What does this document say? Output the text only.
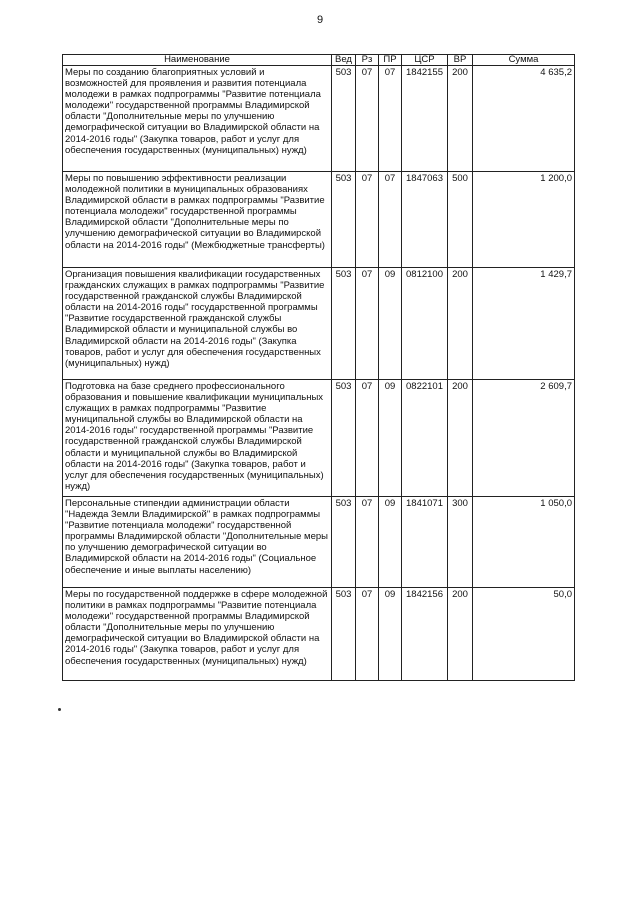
9
Наименование	Вед	Рз	ПР	ЦСР	ВР	Сумма
Меры по созданию благоприятных условий и возможностей для проявления и развития потенциала молодежи в рамках подпрограммы "Развитие потенциала молодежи" государственной программы Владимирской области "Дополнительные меры по улучшению демографической ситуации во Владимирской области на 2014-2016 годы" (Закупка товаров, работ и услуг для обеспечения государственных (муниципальных) нужд)	503	07	07	1842155	200	4 635,2
Меры по повышению эффективности реализации молодежной политики в муниципальных образованиях Владимирской области в рамках подпрограммы "Развитие потенциала молодежи" государственной программы Владимирской области "Дополнительные меры по улучшению демографической ситуации во Владимирской области на 2014-2016 годы" (Межбюджетные трансферты)	503	07	07	1847063	500	1 200,0
Организация повышения квалификации государственных гражданских служащих в рамках подпрограммы "Развитие государственной гражданской службы Владимирской области на 2014-2016 годы" государственной программы "Развитие государственной гражданской службы Владимирской области и муниципальной службы во Владимирской области на 2014-2016 годы" (Закупка товаров, работ и услуг для обеспечения государственных (муниципальных) нужд)	503	07	09	0812100	200	1 429,7
Подготовка на базе среднего профессионального образования и повышение квалификации муниципальных служащих в рамках подпрограммы "Развитие муниципальной службы во Владимирской области на 2014-2016 годы" государственной программы "Развитие государственной гражданской службы Владимирской области и муниципальной службы во Владимирской области на 2014-2016 годы" (Закупка товаров, работ и услуг для обеспечения государственных (муниципальных) нужд)	503	07	09	0822101	200	2 609,7
Персональные стипендии администрации области "Надежда Земли Владимирской" в рамках подпрограммы "Развитие потенциала молодежи" государственной программы Владимирской области "Дополнительные меры по улучшению демографической ситуации во Владимирской области на 2014-2016 годы" (Социальное обеспечение и иные выплаты населению)	503	07	09	1841071	300	1 050,0
Меры по государственной поддержке в сфере молодежной политики в рамках подпрограммы "Развитие потенциала молодежи" государственной программы Владимирской области "Дополнительные меры по улучшению демографической ситуации во Владимирской области на 2014-2016 годы" (Закупка товаров, работ и услуг для обеспечения государственных (муниципальных) нужд)	503	07	09	1842156	200	50,0
